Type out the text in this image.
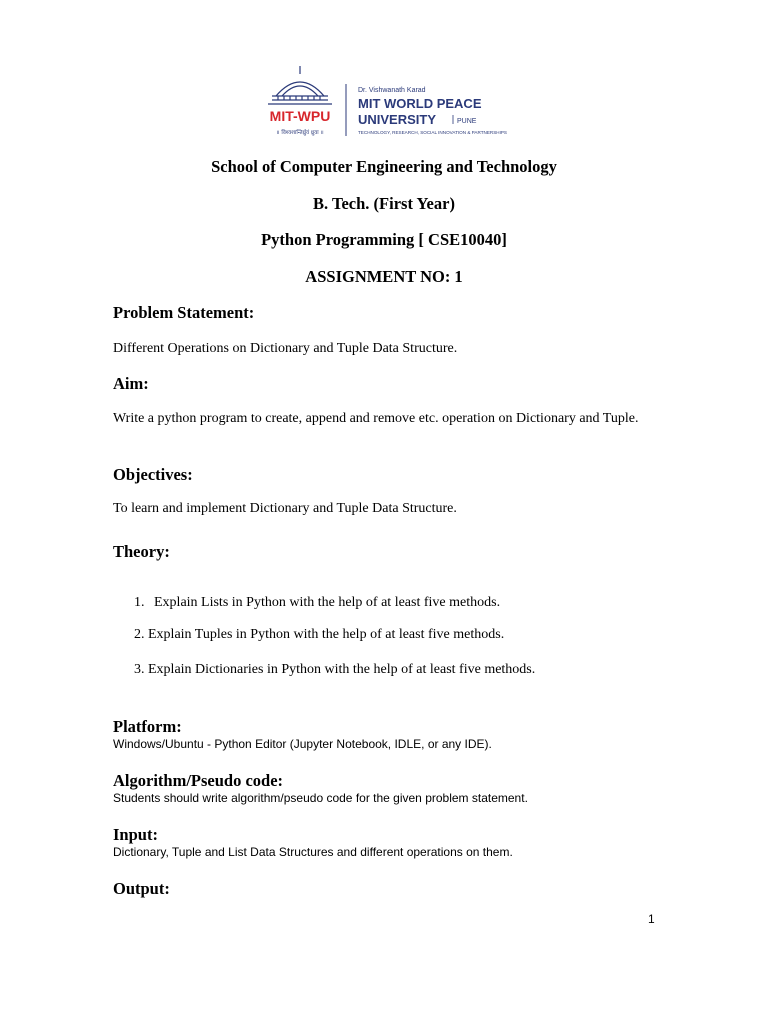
MIT-WPU
॥ विश्वशान्तिर्ध्रुवं ध्रुवा ॥
Dr. Vishwanath Karad
MIT WORLD PEACE
UNIVERSITY	PUNE
TECHNOLOGY, RESEARCH, SOCIAL INNOVATION & PARTNERSHIPS
School of Computer Engineering and Technology
B. Tech. (First Year)
Python Programming [ CSE10040]
ASSIGNMENT NO: 1
Problem Statement:
Different Operations on Dictionary and Tuple Data Structure.
Aim:
Write a python program to create, append and remove etc. operation on Dictionary and Tuple.
Objectives:
To learn and implement Dictionary and Tuple Data Structure.
Theory:
1. Explain Lists in Python with the help of at least five methods.
2. Explain Tuples in Python with the help of at least five methods.
3. Explain Dictionaries in Python with the help of at least five methods.
Platform:
Windows/Ubuntu - Python Editor (Jupyter Notebook, IDLE, or any IDE).
Algorithm/Pseudo code:
Students should write algorithm/pseudo code for the given problem statement.
Input:
Dictionary, Tuple and List Data Structures and different operations on them.
Output:
1
